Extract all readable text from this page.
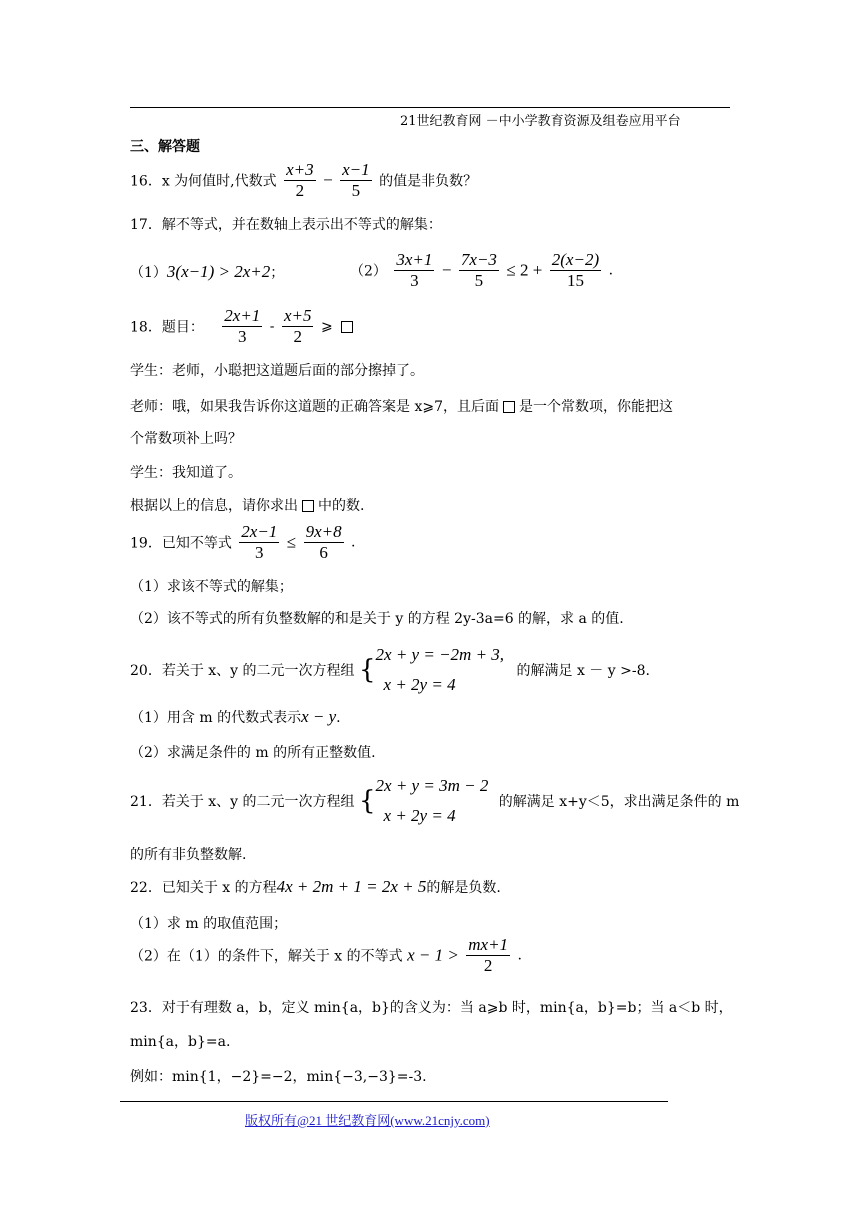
21世纪教育网 －中小学教育资源及组卷应用平台
三、解答题
16．x 为何值时,代数式 $\frac{x+3}{2} - \frac{x-1}{5}$ 的值是非负数？
17．解不等式，并在数轴上表示出不等式的解集：
（1）3(x−1) > 2x+2；	$(2) \frac{3x+1}{3} - \frac{7x-3}{5} \le 2 + \frac{2(x-2)}{15}$ .
18．题目： $\frac{2x+1}{3} - \frac{x+5}{2}$ ⩾
学生：老师，小聪把这道题后面的部分擦掉了。
老师：哦，如果我告诉你这道题的正确答案是 x⩾7，且后面 是一个常数项，你能把这
个常数项补上吗？
学生：我知道了。
根据以上的信息，请你求出 中的数.
19．已知不等式 $\frac{2x-1}{3} \le \frac{9x+8}{6}$ .
（1）求该不等式的解集；
（2）该不等式的所有负整数解的和是关于 y 的方程 2y-3a=6 的解，求 a 的值.
20．若关于 x、y 的二元一次方程组 {
2x + y = −2m + 3,
x + 2y = 4
的解满足 x － y >-8.
（1）用含 m 的代数式表示x − y.
（2）求满足条件的 m 的所有正整数值.
21．若关于 x、y 的二元一次方程组 {
2x + y = 3m − 2
x + 2y = 4
的解满足 x+y＜5，求出满足条件的 m
的所有非负整数解.
22．已知关于 x 的方程4x + 2m + 1 = 2x + 5的解是负数.
（1）求 m 的取值范围；
（2）在（1）的条件下，解关于 x 的不等式 $x - 1 > \frac{mx+1}{2}$ .
23．对于有理数 a，b，定义 min{a，b}的含义为：当 a⩾b 时，min{a，b}=b；当 a＜b 时，
min{a，b}=a.
例如：min{1，−2}=−2，min{−3,−3}=-3.
版权所有@21 世纪教育网(www.21cnjy.com)
